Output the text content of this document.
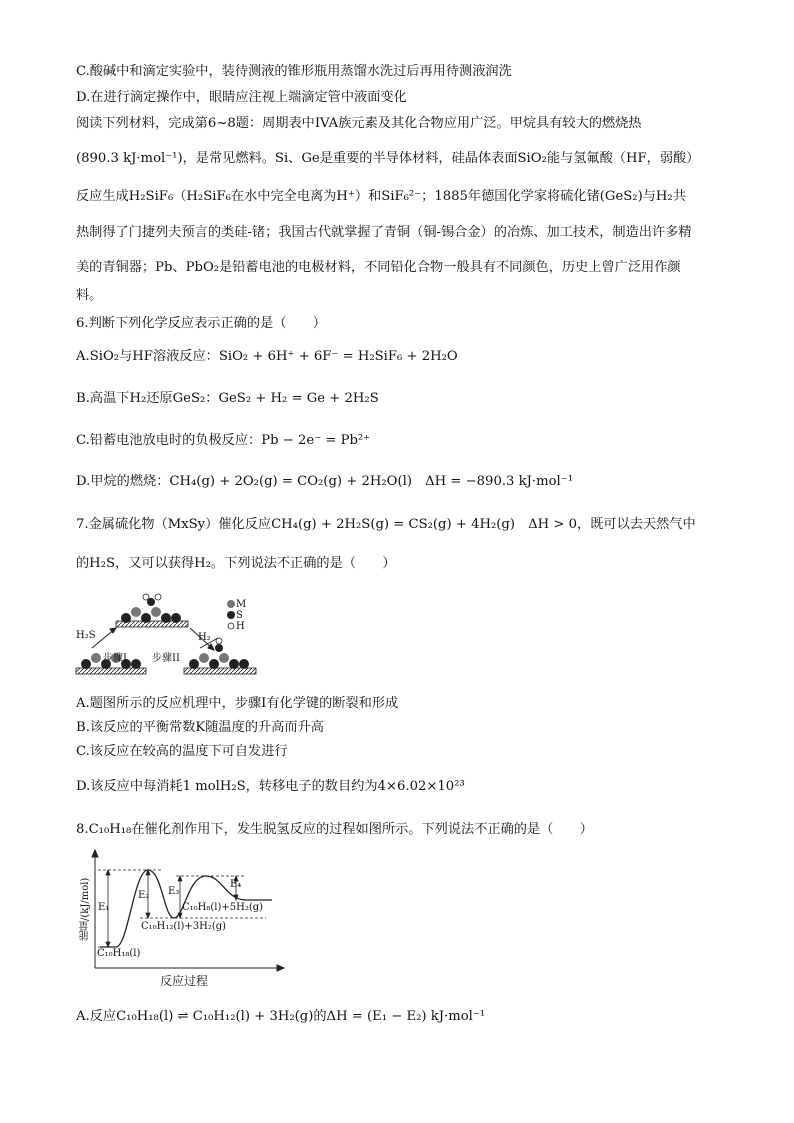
C.酸碱中和滴定实验中，装待测液的锥形瓶用蒸馏水洗过后再用待测液润洗
D.在进行滴定操作中，眼睛应注视上端滴定管中液面变化
阅读下列材料，完成第6~8题：周期表中IVA族元素及其化合物应用广泛。甲烷具有较大的燃烧热
(890.3 kJ·mol⁻¹)，是常见燃料。Si、Ge是重要的半导体材料，硅晶体表面SiO₂能与氢氟酸（HF，弱酸）
反应生成H₂SiF₆（H₂SiF₆在水中完全电离为H⁺）和SiF₆²⁻；1885年德国化学家将硫化锗(GeS₂)与H₂共
热制得了门捷列夫预言的类硅-锗；我国古代就掌握了青铜（铜-锡合金）的冶炼、加工技术，制造出许多精
美的青铜器；Pb、PbO₂是铅蓄电池的电极材料，不同铅化合物一般具有不同颜色，历史上曾广泛用作颜
料。
6.判断下列化学反应表示正确的是（　　）
A.SiO₂与HF溶液反应：SiO₂ + 6H⁺ + 6F⁻ = H₂SiF₆ + 2H₂O
B.高温下H₂还原GeS₂：GeS₂ + H₂ = Ge + 2H₂S
C.铅蓄电池放电时的负极反应：Pb − 2e⁻ = Pb²⁺
D.甲烷的燃烧：CH₄(g) + 2O₂(g) = CO₂(g) + 2H₂O(l)　ΔH = −890.3 kJ·mol⁻¹
7.金属硫化物（MxSy）催化反应CH₄(g) + 2H₂S(g) = CS₂(g) + 4H₂(g)　ΔH > 0，既可以去天然气中
的H₂S，又可以获得H₂。下列说法不正确的是（　　）
M
S
H
H₂S	H₂
步骤I	步骤II
A.题图所示的反应机理中，步骤I有化学键的断裂和形成
B.该反应的平衡常数K随温度的升高而升高
C.该反应在较高的温度下可自发进行
D.该反应中每消耗1 molH₂S，转移电子的数目约为4×6.02×10²³
8.C₁₀H₁₈在催化剂作用下，发生脱氢反应的过程如图所示。下列说法不正确的是（　　）
能量/(kJ/mol)
反应过程
E₁
E₂ E₃
E₄
C₁₀H₁₈(l)
C₁₀H₁₂(l)+3H₂(g)
C₁₀H₈(l)+5H₂(g)
A.反应C₁₀H₁₈(l) ⇌ C₁₀H₁₂(l) + 3H₂(g)的ΔH = (E₁ − E₂) kJ·mol⁻¹
